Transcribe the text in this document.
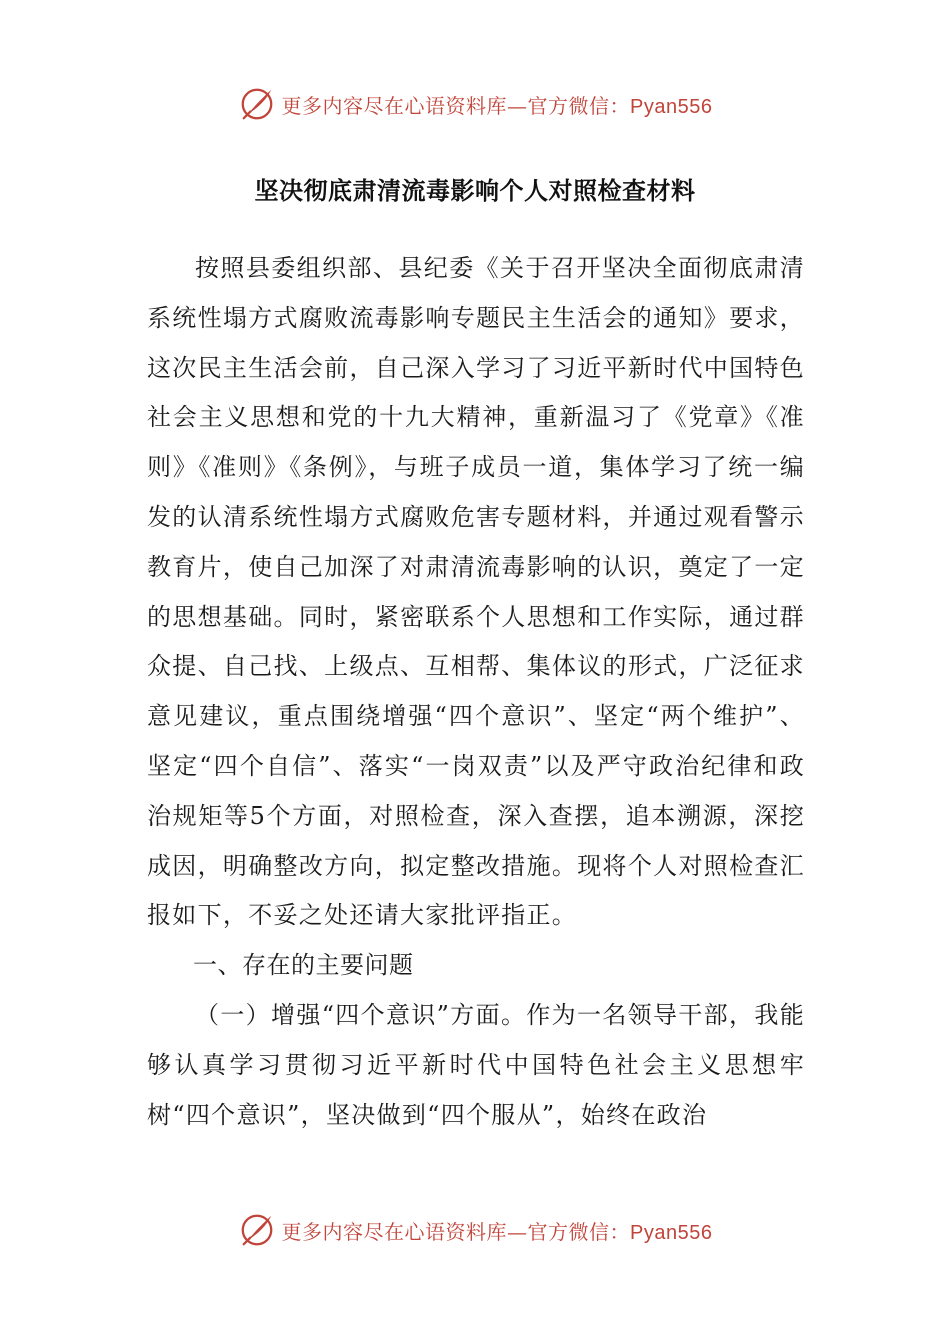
更多内容尽在心语资料库—官方微信：Pyan556
坚决彻底肃清流毒影响个人对照检查材料

按照县委组织部、县纪委《关于召开坚决全面彻底肃清系统性塌方式腐败流毒影响专题民主生活会的通知》要求，这次民主生活会前，自己深入学习了习近平新时代中国特色社会主义思想和党的十九大精神，重新温习了《党章》《准则》《准则》《条例》，与班子成员一道，集体学习了统一编发的认清系统性塌方式腐败危害专题材料，并通过观看警示教育片，使自己加深了对肃清流毒影响的认识，奠定了一定的思想基础。同时，紧密联系个人思想和工作实际，通过群众提、自己找、上级点、互相帮、集体议的形式，广泛征求意见建议，重点围绕增强“四个意识”、坚定“两个维护”、坚定“四个自信”、落实“一岗双责”以及严守政治纪律和政治规矩等5个方面，对照检查，深入查摆，追本溯源，深挖成因，明确整改方向，拟定整改措施。现将个人对照检查汇报如下，不妥之处还请大家批评指正。

一、存在的主要问题

（一）增强“四个意识”方面。作为一名领导干部，我能够认真学习贯彻习近平新时代中国特色社会主义思想牢树“四个意识”，坚决做到“四个服从”，始终在政治

更多内容尽在心语资料库—官方微信：Pyan556
